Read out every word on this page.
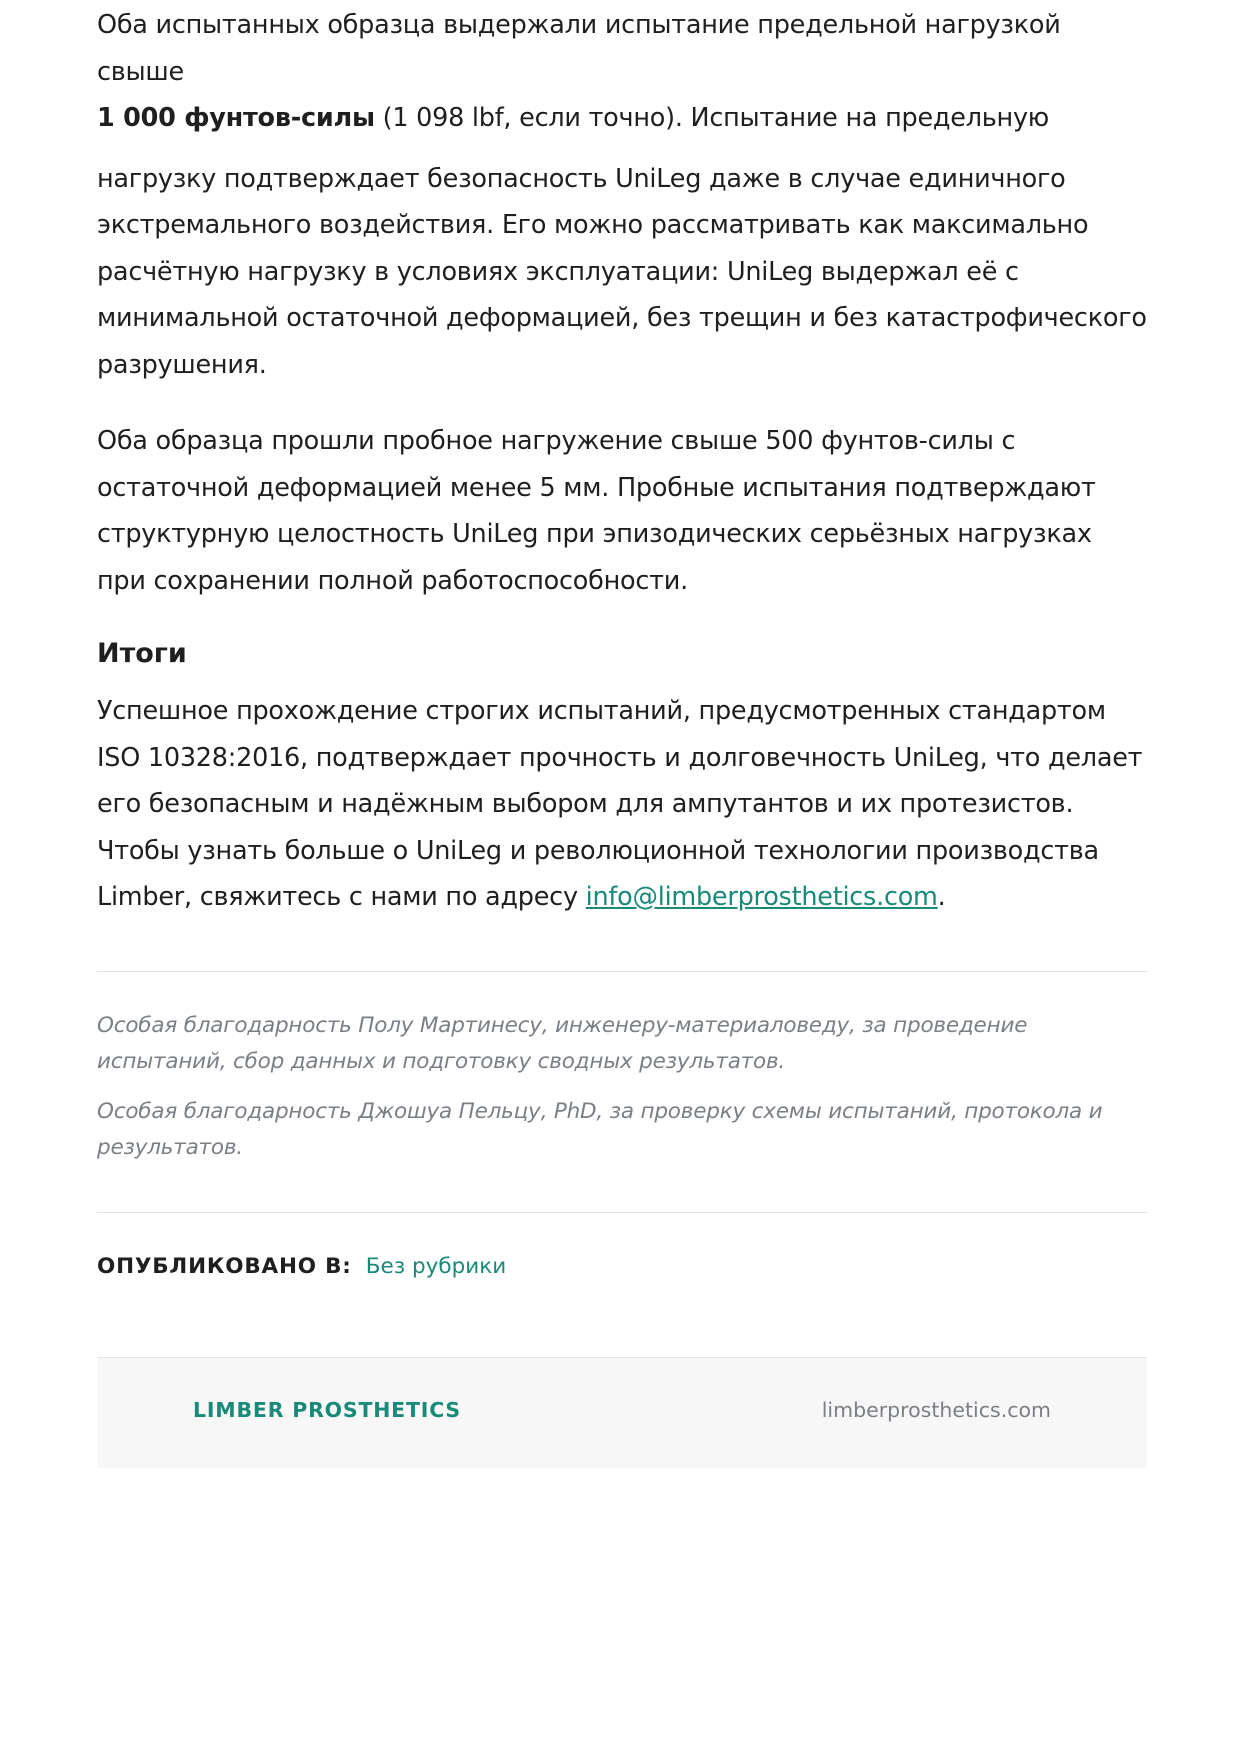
Оба испытанных образца выдержали испытание предельной нагрузкой свыше

1 000 фунтов-силы (1 098 lbf, если точно). Испытание на предельную

нагрузку подтверждает безопасность UniLeg даже в случае единичного экстремального воздействия. Его можно рассматривать как максимально расчётную нагрузку в условиях эксплуатации: UniLeg выдержал её с минимальной остаточной деформацией, без трещин и без катастрофического разрушения.

Оба образца прошли пробное нагружение свыше 500 фунтов-силы с остаточной деформацией менее 5 мм. Пробные испытания подтверждают структурную целостность UniLeg при эпизодических серьёзных нагрузках при сохранении полной работоспособности.

Итоги

Успешное прохождение строгих испытаний, предусмотренных стандартом ISO 10328:2016, подтверждает прочность и долговечность UniLeg, что делает его безопасным и надёжным выбором для ампутантов и их протезистов. Чтобы узнать больше о UniLeg и революционной технологии производства Limber, свяжитесь с нами по адресу info@limberprosthetics.com.

Особая благодарность Полу Мартинесу, инженеру-материаловеду, за проведение испытаний, сбор данных и подготовку сводных результатов.

Особая благодарность Джошуа Пельцу, PhD, за проверку схемы испытаний, протокола и результатов.

ОПУБЛИКОВАНО В: Без рубрики
LIMBER PROSTHETICS	limberprosthetics.com
